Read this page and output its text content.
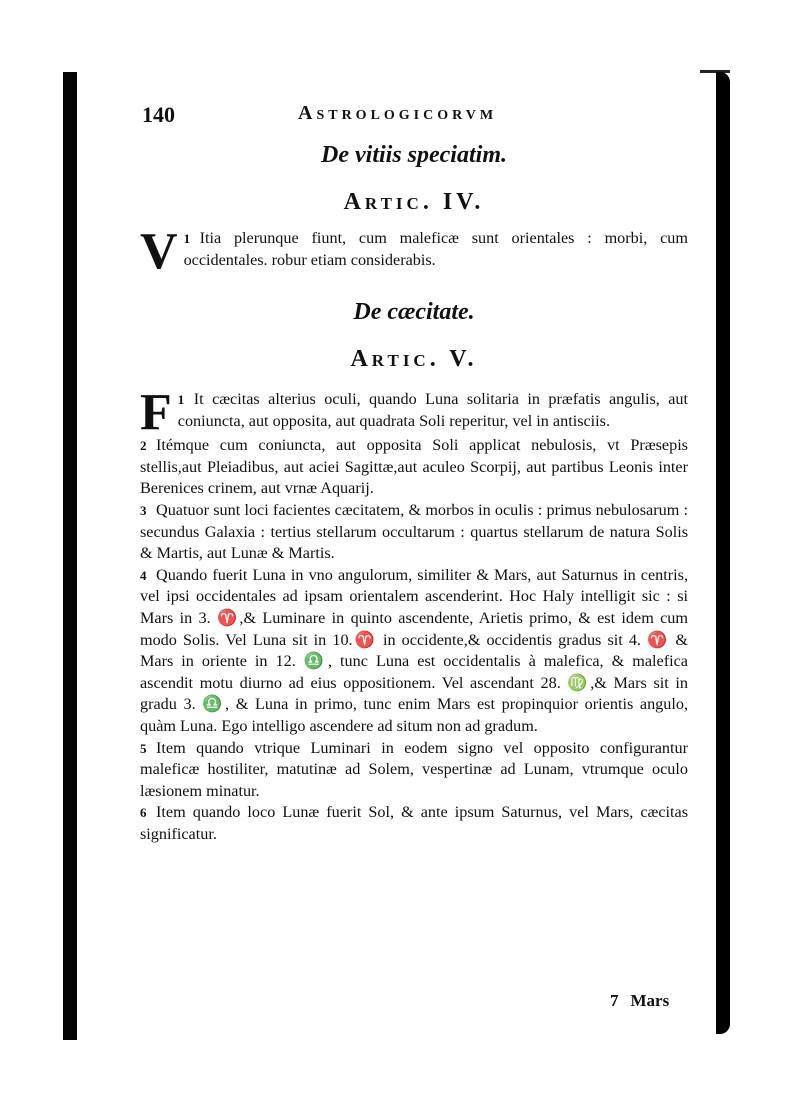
140	Astrologicorvm

De vitiis speciatim.

Artic. IV.

1
V Itia plerunque fiunt, cum maleficæ sunt orientales : morbi, cum occidentales. robur etiam considerabis.

De cæcitate.

Artic. V.

1
F It cæcitas alterius oculi, quando Luna solitaria in præfatis angulis, aut coniuncta, aut opposita, aut quadrata Soli reperitur, vel in antisciis.

2 Itémque cum coniuncta, aut opposita Soli applicat nebulosis, vt Præsepis stellis,aut Pleiadibus, aut aciei Sagittæ,aut aculeo Scorpij, aut partibus Leonis inter Berenices crinem, aut vrnæ Aquarij.

3 Quatuor sunt loci facientes cæcitatem, & morbos in oculis : primus nebulosarum : secundus Galaxia : tertius stellarum occultarum : quartus stellarum de natura Solis & Martis, aut Lunæ & Martis.

4 Quando fuerit Luna in vno angulorum, similiter & Mars, aut Saturnus in centris, vel ipsi occidentales ad ipsam orientalem ascenderint. Hoc Haly intelligit sic : si Mars in 3. ♈,& Luminare in quinto ascendente, Arietis primo, & est idem cum modo Solis. Vel Luna sit in 10.♈ in occidente,& occidentis gradus sit 4. ♈ & Mars in oriente in 12. ♎, tunc Luna est occidentalis à malefica, & malefica ascendit motu diurno ad eius oppositionem. Vel ascendant 28. ♍,& Mars sit in gradu 3. ♎, & Luna in primo, tunc enim Mars est propinquior orientis angulo, quàm Luna. Ego intelligo ascendere ad situm non ad gradum.

5 Item quando vtrique Luminari in eodem signo vel opposito configurantur maleficæ hostiliter, matutinæ ad Solem, vespertinæ ad Lunam, vtrumque oculo læsionem minatur.

6 Item quando loco Lunæ fuerit Sol, & ante ipsum Saturnus, vel Mars, cæcitas significatur.

7 Mars
